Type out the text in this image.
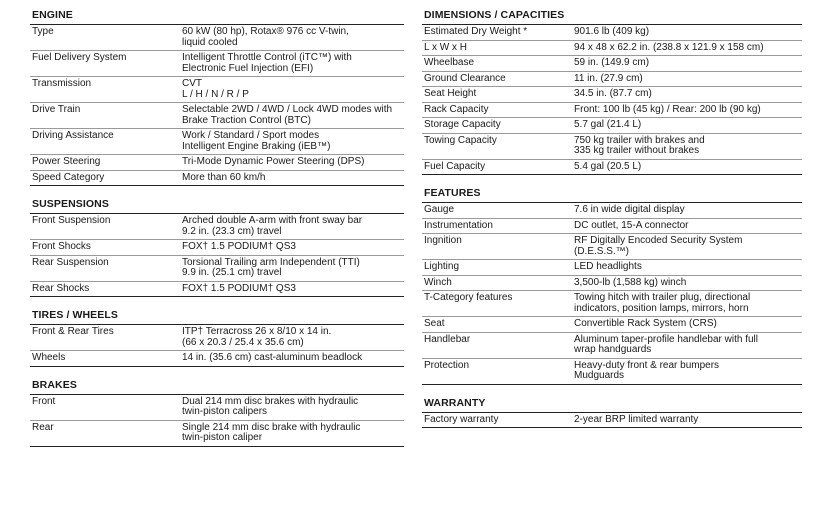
ENGINE
Type	60 kW (80 hp), Rotax® 976 cc V-twin,
liquid cooled
Fuel Delivery System	Intelligent Throttle Control (iTC™) with
Electronic Fuel Injection (EFI)
Transmission	CVT
L / H / N / R / P
Drive Train	Selectable 2WD / 4WD / Lock 4WD modes with
Brake Traction Control (BTC)
Driving Assistance	Work / Standard / Sport modes
Intelligent Engine Braking (iEB™)
Power Steering	Tri-Mode Dynamic Power Steering (DPS)
Speed Category	More than 60 km/h
SUSPENSIONS
Front Suspension	Arched double A-arm with front sway bar
9.2 in. (23.3 cm) travel
Front Shocks	FOX† 1.5 PODIUM† QS3
Rear Suspension	Torsional Trailing arm Independent (TTI)
9.9 in. (25.1 cm) travel
Rear Shocks	FOX† 1.5 PODIUM† QS3
TIRES / WHEELS
Front & Rear Tires	ITP† Terracross 26 x 8/10 x 14 in.
(66 x 20.3 / 25.4 x 35.6 cm)
Wheels	14 in. (35.6 cm) cast-aluminum beadlock
BRAKES
Front	Dual 214 mm disc brakes with hydraulic
twin-piston calipers
Rear	Single 214 mm disc brake with hydraulic
twin-piston caliper
DIMENSIONS / CAPACITIES
Estimated Dry Weight *	901.6 lb (409 kg)
L x W x H	94 x 48 x 62.2 in. (238.8 x 121.9 x 158 cm)
Wheelbase	59 in. (149.9 cm)
Ground Clearance	11 in. (27.9 cm)
Seat Height	34.5 in. (87.7 cm)
Rack Capacity	Front: 100 lb (45 kg) / Rear: 200 lb (90 kg)
Storage Capacity	5.7 gal (21.4 L)
Towing Capacity	750 kg trailer with brakes and
335 kg trailer without brakes
Fuel Capacity	5.4 gal (20.5 L)
FEATURES
Gauge	7.6 in wide digital display
Instrumentation	DC outlet, 15-A connector
Ingnition	RF Digitally Encoded Security System
(D.E.S.S.™)
Lighting	LED headlights
Winch	3,500-lb (1,588 kg) winch
T-Category features	Towing hitch with trailer plug, directional
indicators, position lamps, mirrors, horn
Seat	Convertible Rack System (CRS)
Handlebar	Aluminum taper-profile handlebar with full
wrap handguards
Protection	Heavy-duty front & rear bumpers
Mudguards
WARRANTY
Factory warranty	2-year BRP limited warranty
